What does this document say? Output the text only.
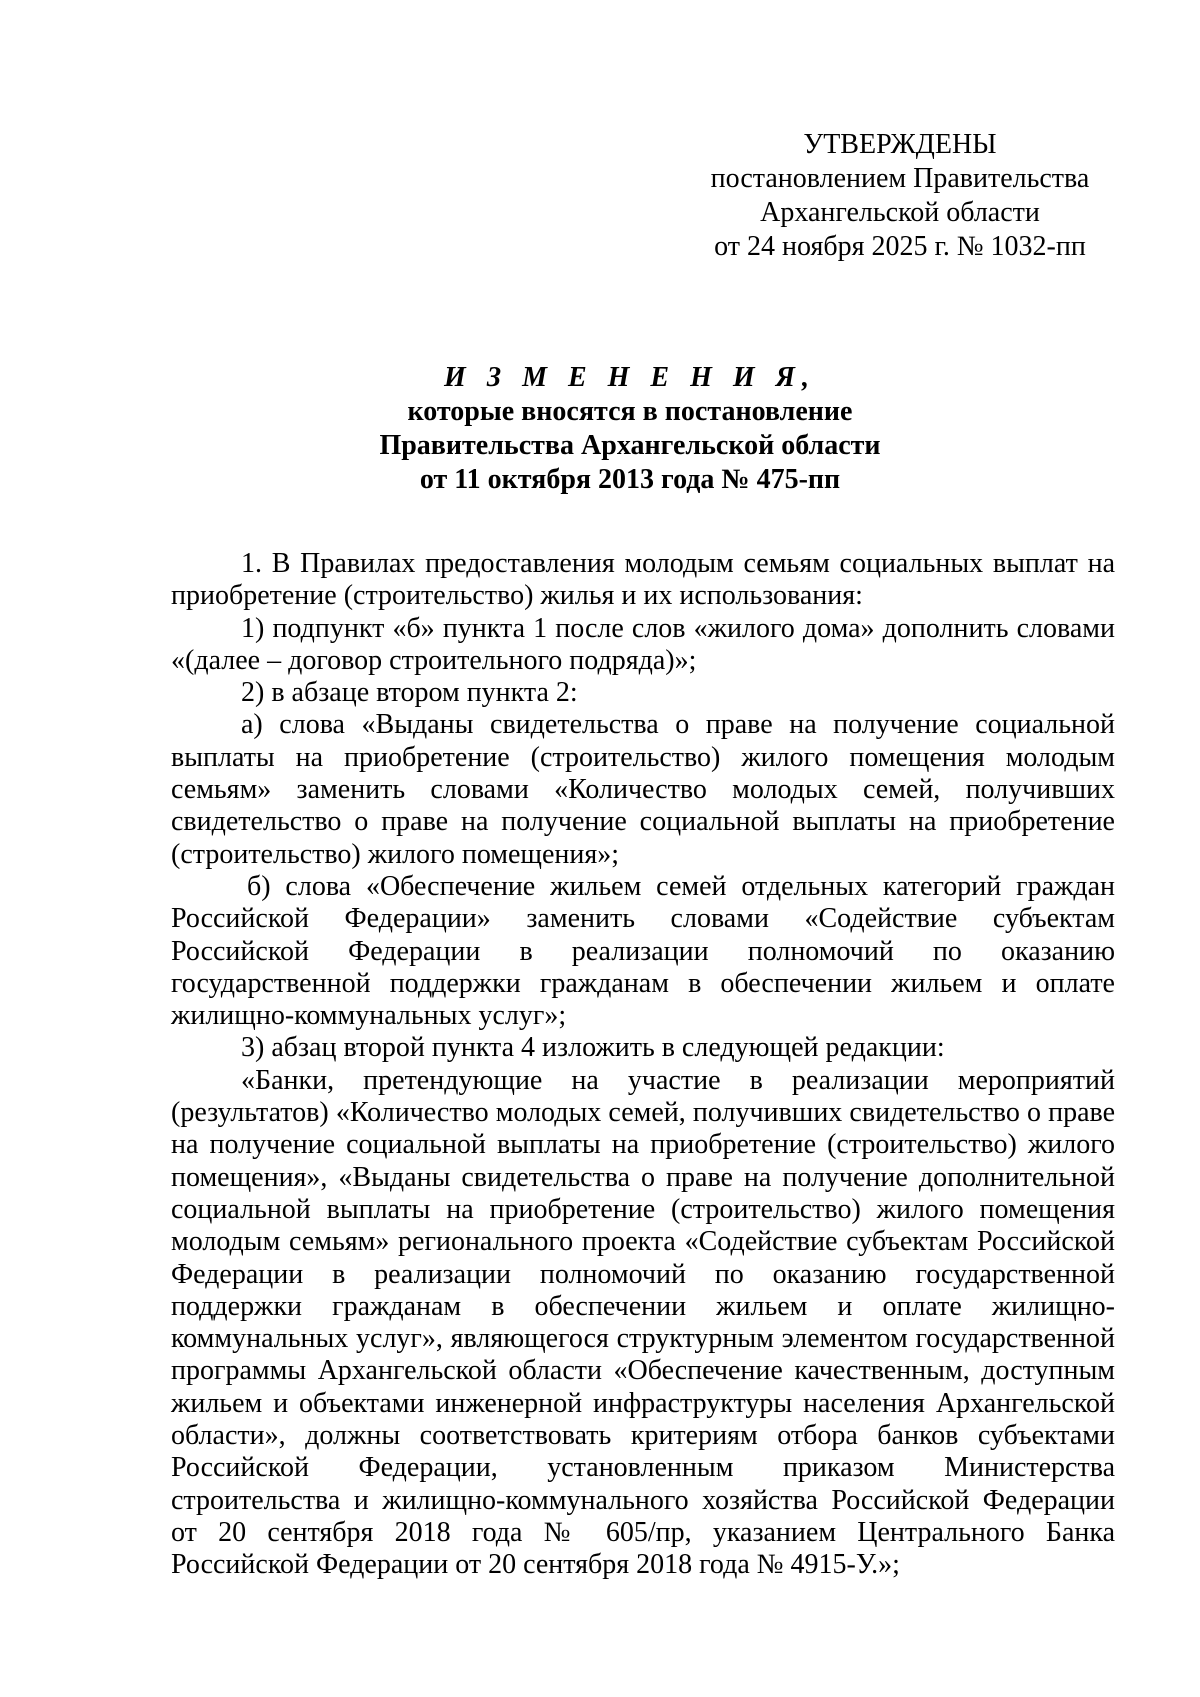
УТВЕРЖДЕНЫ
постановлением Правительства
Архангельской области
от 24 ноября 2025 г. № 1032-пп
И З М Е Н Е Н И Я,
которые вносятся в постановление
Правительства Архангельской области
от 11 октября 2013 года № 475-пп

1. В Правилах предоставления молодым семьям социальных выплат на приобретение (строительство) жилья и их использования:

1) подпункт «б» пункта 1 после слов «жилого дома» дополнить словами «(далее – договор строительного подряда)»;

2) в абзаце втором пункта 2:

а) слова «Выданы свидетельства о праве на получение социальной выплаты на приобретение (строительство) жилого помещения молодым семьям» заменить словами «Количество молодых семей, получивших свидетельство о праве на получение социальной выплаты на приобретение (строительство) жилого помещения»;

б) слова «Обеспечение жильем семей отдельных категорий граждан Российской Федерации» заменить словами «Содействие субъектам Российской Федерации в реализации полномочий по оказанию государственной поддержки гражданам в обеспечении жильем и оплате жилищно-коммунальных услуг»;

3) абзац второй пункта 4 изложить в следующей редакции:

«Банки, претендующие на участие в реализации мероприятий (результатов) «Количество молодых семей, получивших свидетельство о праве на получение социальной выплаты на приобретение (строительство) жилого помещения», «Выданы свидетельства о праве на получение дополнительной социальной выплаты на приобретение (строительство) жилого помещения молодым семьям» регионального проекта «Содействие субъектам Российской Федерации в реализации полномочий по оказанию государственной поддержки гражданам в обеспечении жильем и оплате жилищно-коммунальных услуг», являющегося структурным элементом государственной программы Архангельской области «Обеспечение качественным, доступным жильем и объектами инженерной инфраструктуры населения Архангельской области», должны соответствовать критериям отбора банков субъектами Российской Федерации, установленным приказом Министерства строительства и жилищно-коммунального хозяйства Российской Федерации от 20 сентября 2018 года № 605/пр, указанием Центрального Банка Российской Федерации от 20 сентября 2018 года № 4915-У.»;
